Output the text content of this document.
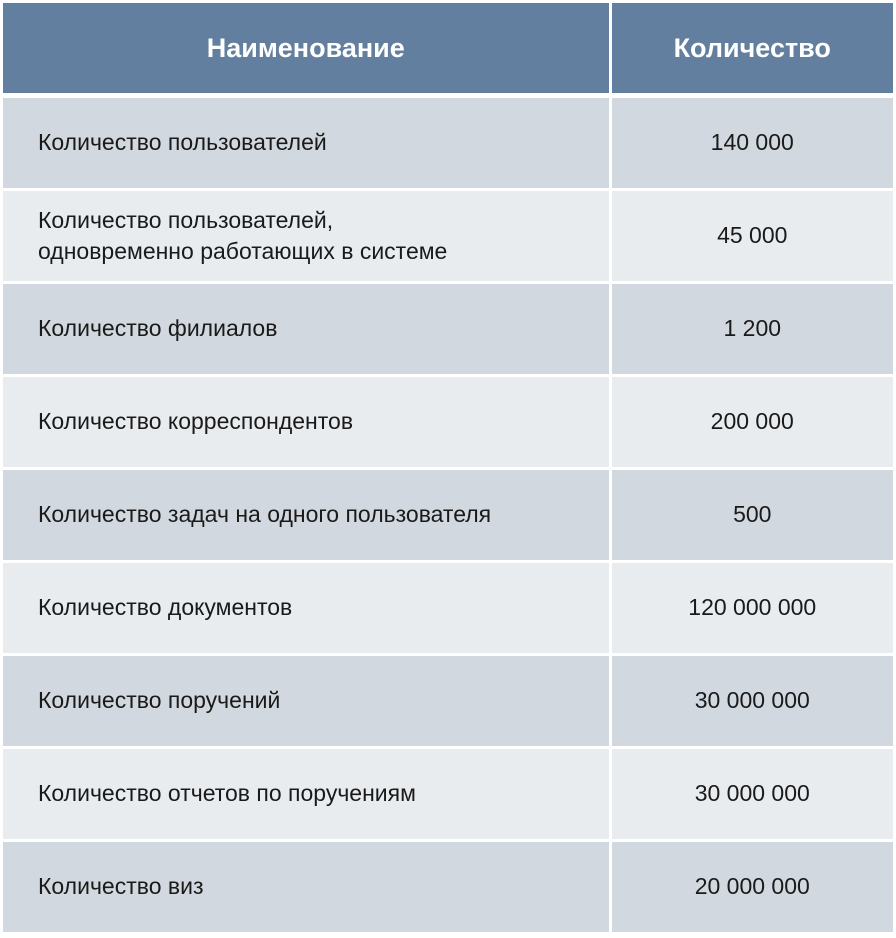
Наименование	Количество
Количество пользователей	140 000
Количество пользователей,
одновременно работающих в системе	45 000
Количество филиалов	1 200
Количество корреспондентов	200 000
Количество задач на одного пользователя	500
Количество документов	120 000 000
Количество поручений	30 000 000
Количество отчетов по поручениям	30 000 000
Количество виз	20 000 000
